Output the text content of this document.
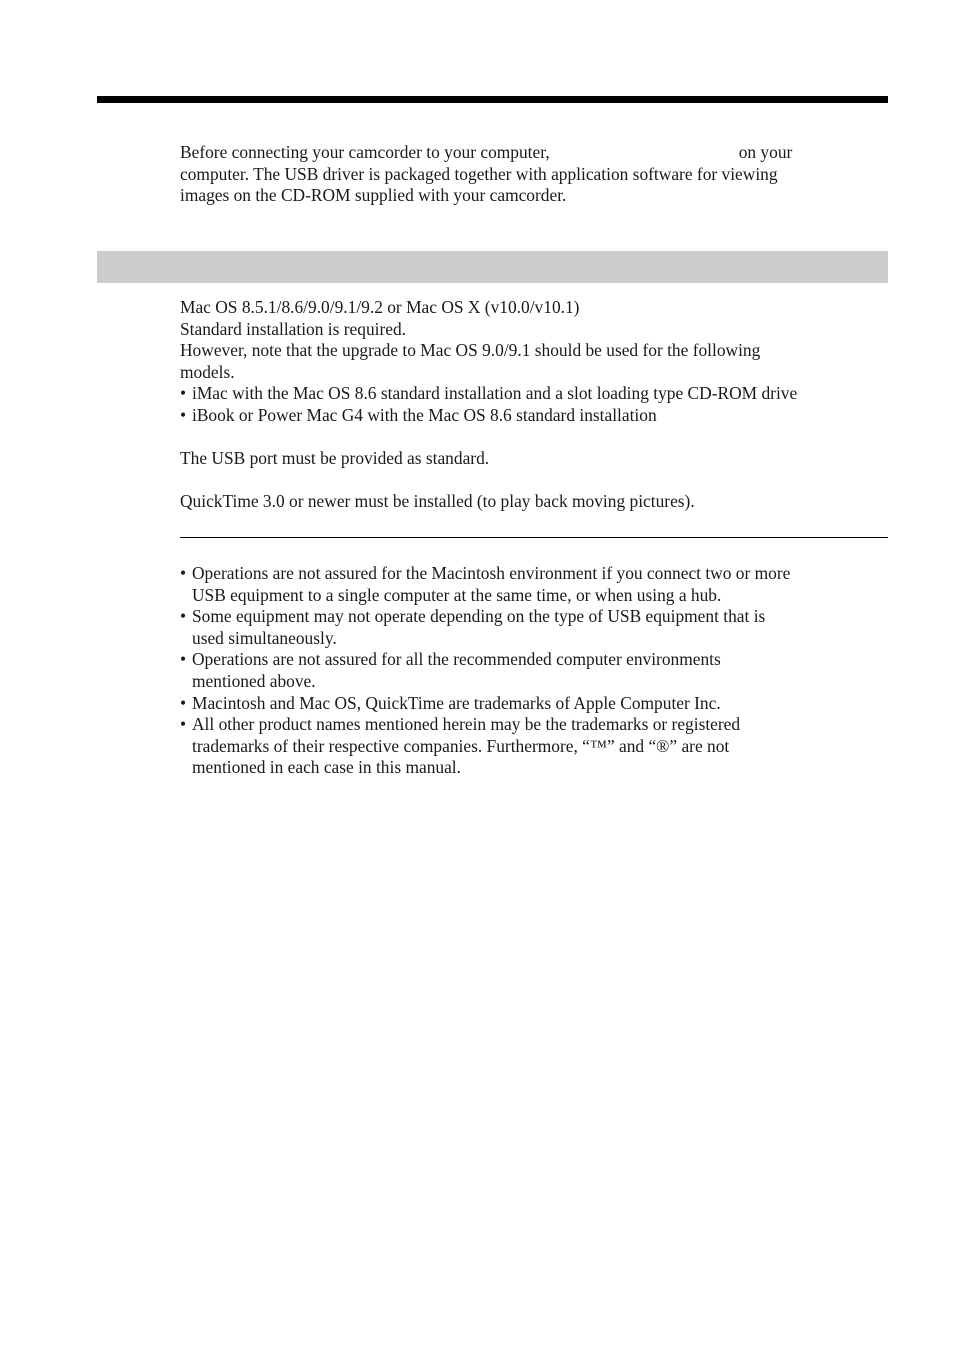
Before connecting your camcorder to your computer,	on your
computer. The USB driver is packaged together with application software for viewing
images on the CD-ROM supplied with your camcorder.
Mac OS 8.5.1/8.6/9.0/9.1/9.2 or Mac OS X (v10.0/v10.1)
Standard installation is required.
However, note that the upgrade to Mac OS 9.0/9.1 should be used for the following
models.
• iMac with the Mac OS 8.6 standard installation and a slot loading type CD-ROM drive
• iBook or Power Mac G4 with the Mac OS 8.6 standard installation
The USB port must be provided as standard.
QuickTime 3.0 or newer must be installed (to play back moving pictures).
• Operations are not assured for the Macintosh environment if you connect two or more
USB equipment to a single computer at the same time, or when using a hub.
• Some equipment may not operate depending on the type of USB equipment that is
used simultaneously.
• Operations are not assured for all the recommended computer environments
mentioned above.
• Macintosh and Mac OS, QuickTime are trademarks of Apple Computer Inc.
• All other product names mentioned herein may be the trademarks or registered
trademarks of their respective companies. Furthermore, “™” and “®” are not
mentioned in each case in this manual.
